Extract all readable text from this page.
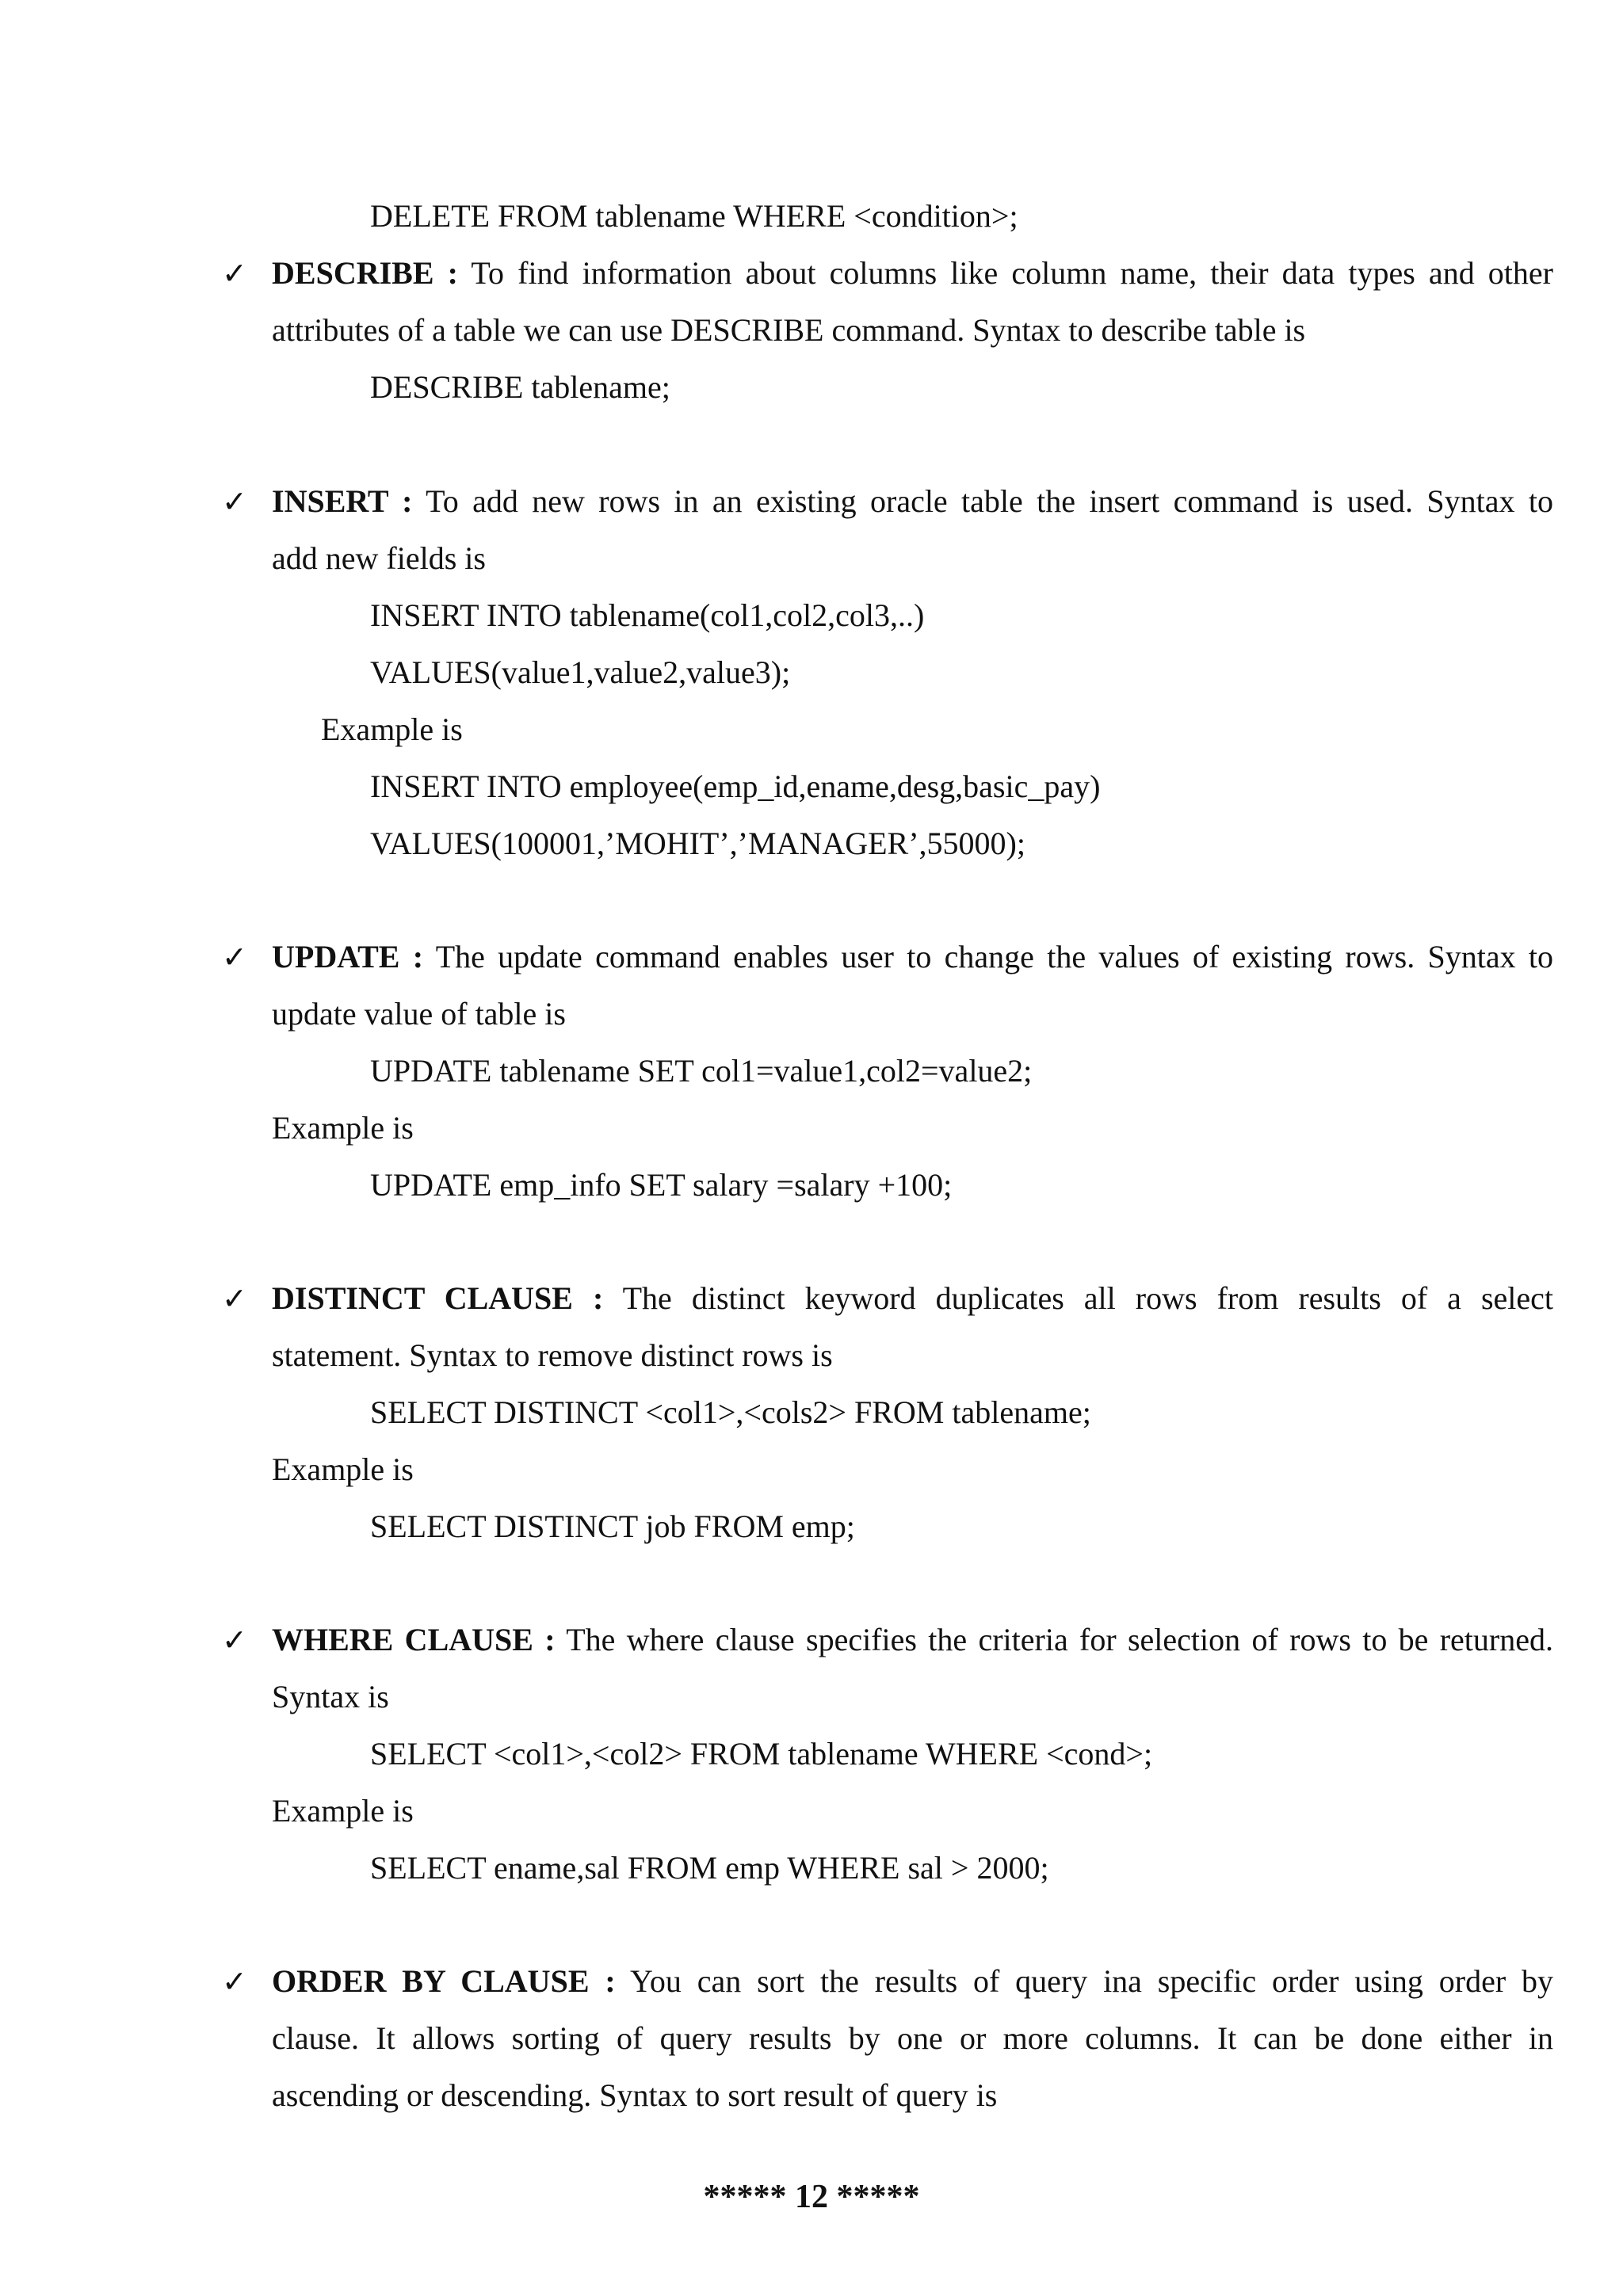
DELETE FROM tablename WHERE <condition>;
✓ DESCRIBE : To find information about columns like column name, their data types and other
attributes of a table we can use DESCRIBE command. Syntax to describe table is
DESCRIBE tablename;
✓ INSERT : To add new rows in an existing oracle table the insert command is used. Syntax to
add new fields is
INSERT INTO tablename(col1,col2,col3,..)
VALUES(value1,value2,value3);
Example is
INSERT INTO employee(emp_id,ename,desg,basic_pay)
VALUES(100001,’MOHIT’,’MANAGER’,55000);
✓ UPDATE : The update command enables user to change the values of existing rows. Syntax to
update value of table is
UPDATE tablename SET col1=value1,col2=value2;
Example is
UPDATE emp_info SET salary =salary +100;
✓ DISTINCT CLAUSE : The distinct keyword duplicates all rows from results of a select
statement. Syntax to remove distinct rows is
SELECT DISTINCT <col1>,<cols2> FROM tablename;
Example is
SELECT DISTINCT job FROM emp;
✓ WHERE CLAUSE : The where clause specifies the criteria for selection of rows to be returned.
Syntax is
SELECT <col1>,<col2> FROM tablename WHERE <cond>;
Example is
SELECT ename,sal FROM emp WHERE sal > 2000;
✓ ORDER BY CLAUSE : You can sort the results of query ina specific order using order by
clause. It allows sorting of query results by one or more columns. It can be done either in
ascending or descending. Syntax to sort result of query is
***** 12 *****
